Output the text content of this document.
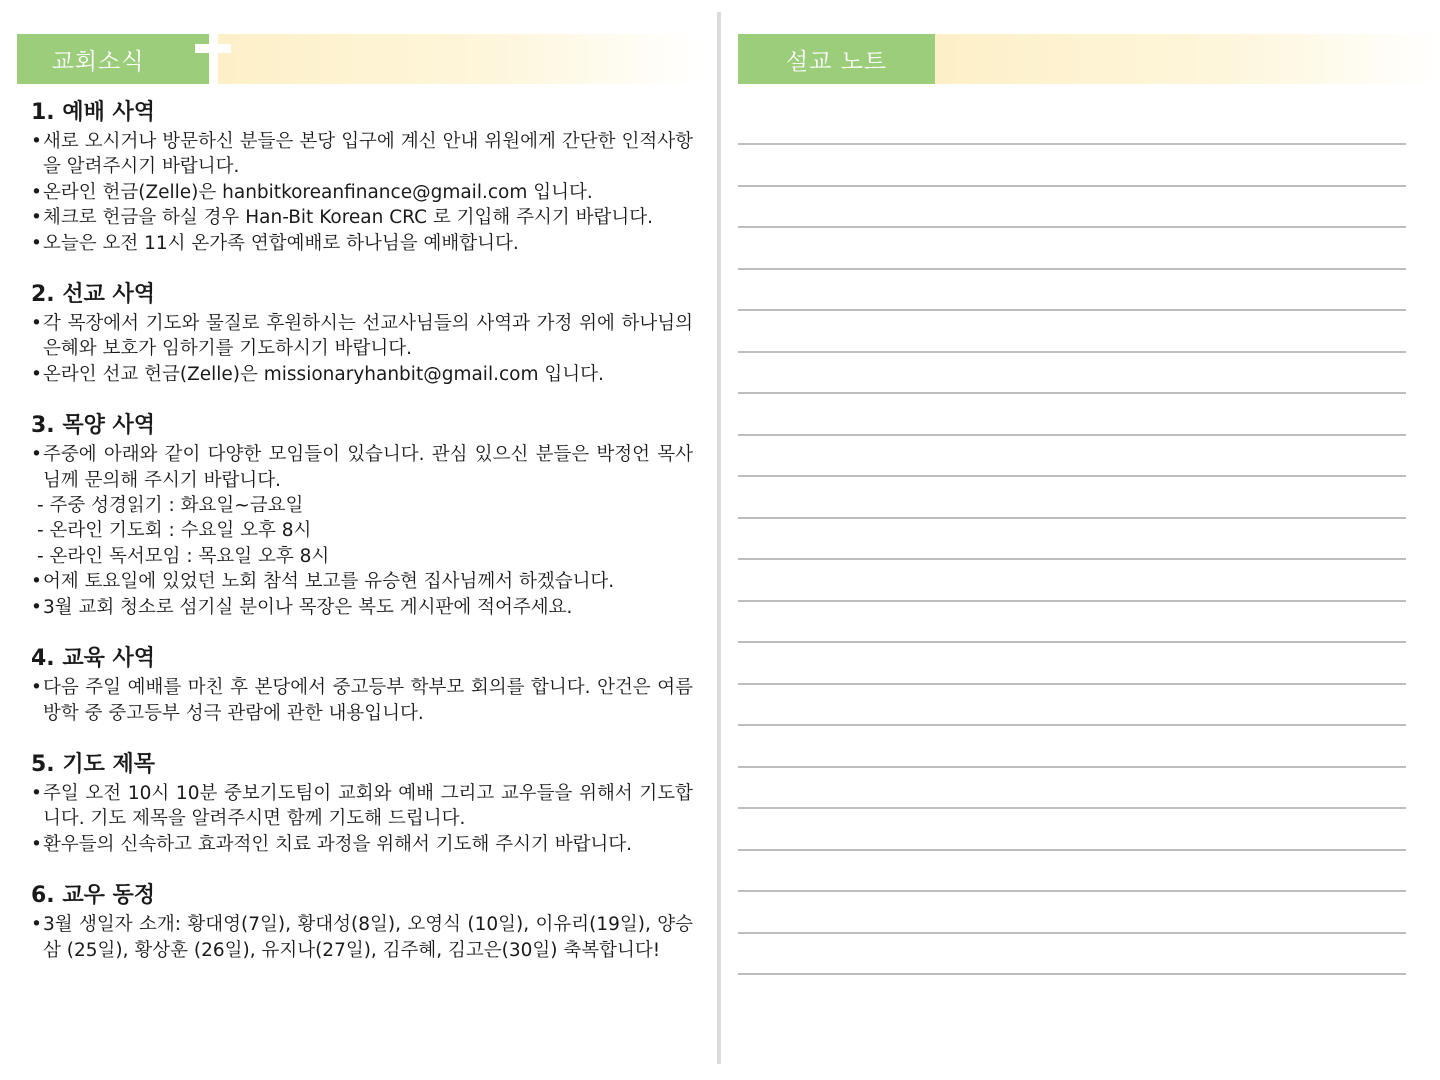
교회소식
1. 예배 사역
• 새로 오시거나 방문하신 분들은 본당 입구에 계신 안내 위원에게 간단한 인적사항을 알려주시기 바랍니다.
• 온라인 헌금(Zelle)은 hanbitkoreanfinance@gmail.com 입니다.
• 체크로 헌금을 하실 경우 Han-Bit Korean CRC 로 기입해 주시기 바랍니다.
• 오늘은 오전 11시 온가족 연합예배로 하나님을 예배합니다.
2. 선교 사역
• 각 목장에서 기도와 물질로 후원하시는 선교사님들의 사역과 가정 위에 하나님의 은혜와 보호가 임하기를 기도하시기 바랍니다.
• 온라인 선교 헌금(Zelle)은 missionaryhanbit@gmail.com 입니다.
3. 목양 사역
• 주중에 아래와 같이 다양한 모임들이 있습니다. 관심 있으신 분들은 박정언 목사님께 문의해 주시기 바랍니다.
- 주중 성경읽기 : 화요일~금요일
- 온라인 기도회 : 수요일 오후 8시
- 온라인 독서모임 : 목요일 오후 8시
• 어제 토요일에 있었던 노회 참석 보고를 유승현 집사님께서 하겠습니다.
• 3월 교회 청소로 섬기실 분이나 목장은 복도 게시판에 적어주세요.
4. 교육 사역
• 다음 주일 예배를 마친 후 본당에서 중고등부 학부모 회의를 합니다. 안건은 여름방학 중 중고등부 성극 관람에 관한 내용입니다.
5. 기도 제목
• 주일 오전 10시 10분 중보기도팀이 교회와 예배 그리고 교우들을 위해서 기도합니다. 기도 제목을 알려주시면 함께 기도해 드립니다.
• 환우들의 신속하고 효과적인 치료 과정을 위해서 기도해 주시기 바랍니다.
6. 교우 동정
• 3월 생일자 소개: 황대영(7일), 황대성(8일), 오영식 (10일), 이유리(19일), 양승삼 (25일), 황상훈 (26일), 유지나(27일), 김주혜, 김고은(30일) 축복합니다!
설교 노트
